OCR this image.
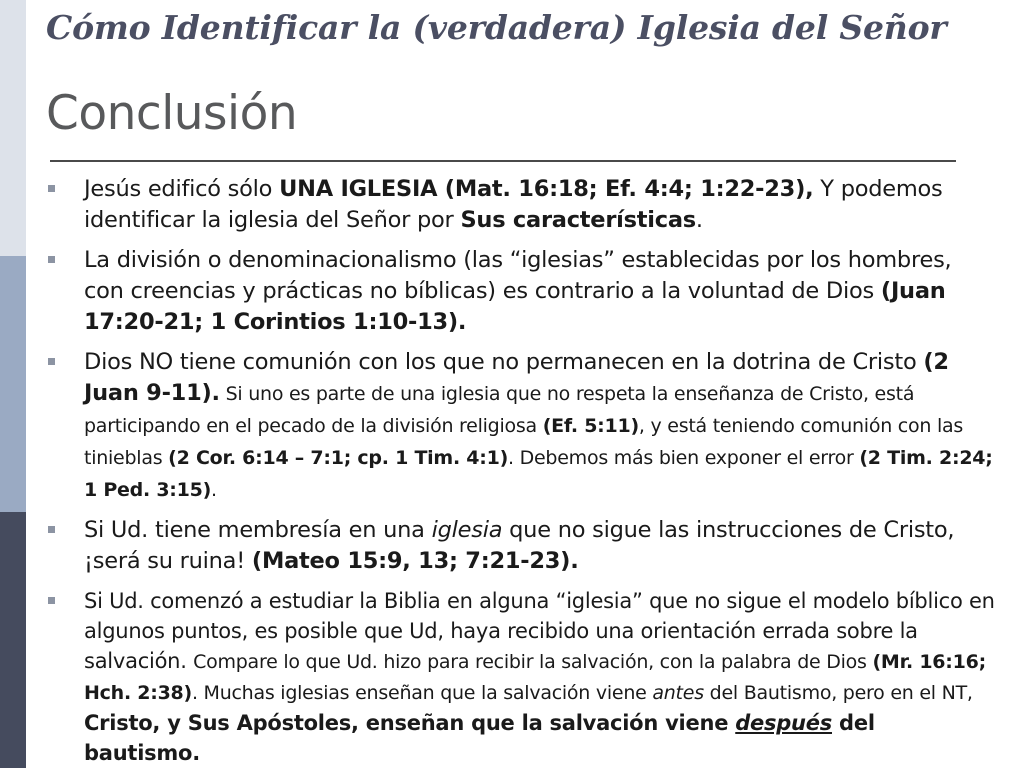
Cómo Identificar la (verdadera) Iglesia del Señor
Conclusión
Jesús edificó sólo UNA IGLESIA (Mat. 16:18; Ef. 4:4; 1:22-23), Y podemos identificar la iglesia del Señor por Sus características.
La división o denominacionalismo (las “iglesias” establecidas por los hombres, con creencias y prácticas no bíblicas) es contrario a la voluntad de Dios (Juan 17:20-21; 1 Corintios 1:10-13).
Dios NO tiene comunión con los que no permanecen en la dotrina de Cristo (2 Juan 9-11). Si uno es parte de una iglesia que no respeta la enseñanza de Cristo, está participando en el pecado de la división religiosa (Ef. 5:11), y está teniendo comunión con las tinieblas (2 Cor. 6:14 – 7:1; cp. 1 Tim. 4:1). Debemos más bien exponer el error (2 Tim. 2:24; 1 Ped. 3:15).
Si Ud. tiene membresía en una iglesia que no sigue las instrucciones de Cristo, ¡será su ruina! (Mateo 15:9, 13; 7:21-23).
Si Ud. comenzó a estudiar la Biblia en alguna “iglesia” que no sigue el modelo bíblico en algunos puntos, es posible que Ud, haya recibido una orientación errada sobre la salvación. Compare lo que Ud. hizo para recibir la salvación, con la palabra de Dios (Mr. 16:16; Hch. 2:38). Muchas iglesias enseñan que la salvación viene antes del Bautismo, pero en el NT, Cristo, y Sus Apóstoles, enseñan que la salvación viene después del bautismo.
